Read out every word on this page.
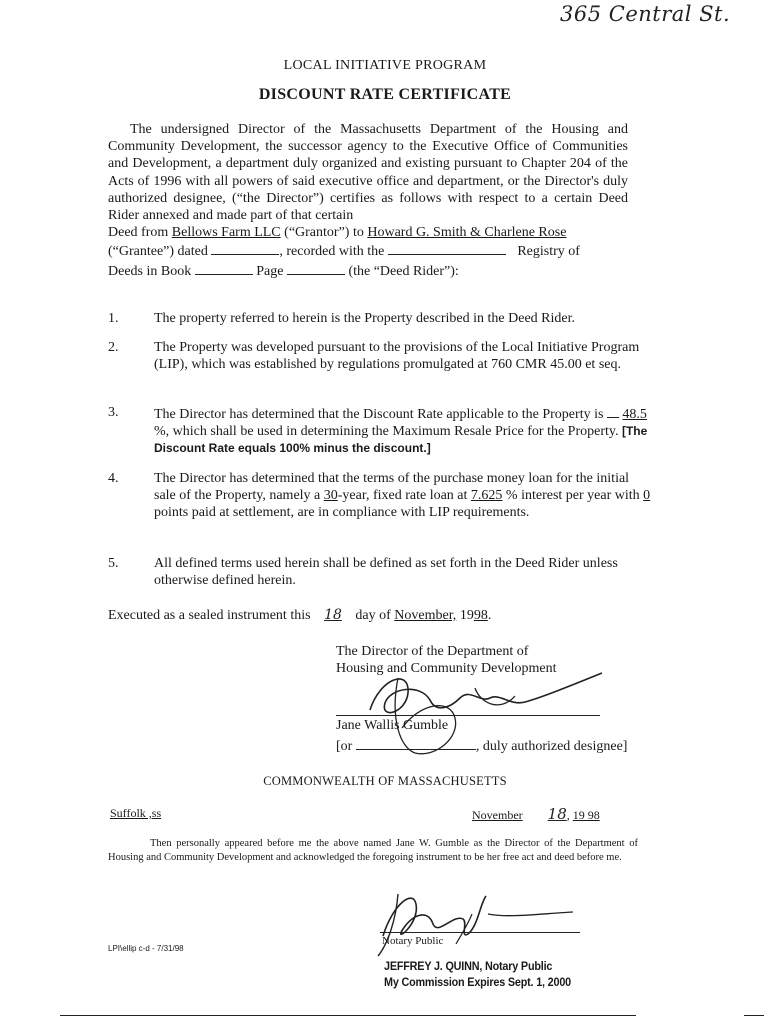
365 Central St.
LOCAL INITIATIVE PROGRAM
DISCOUNT RATE CERTIFICATE

The undersigned Director of the Massachusetts Department of the Housing and Community Development, the successor agency to the Executive Office of Communities and Development, a department duly organized and existing pursuant to Chapter 204 of the Acts of 1996 with all powers of said executive office and department, or the Director's duly authorized designee, (“the Director”) certifies as follows with respect to a certain Deed Rider annexed and made part of that certain

Deed from Bellows Farm LLC (“Grantor”) to Howard G. Smith & Charlene Rose
(“Grantee”) dated	, recorded with the	Registry of
Deeds in Book	Page	(the “Deed Rider”):
1.	The property referred to herein is the Property described in the Deed Rider.
2.	The Property was developed pursuant to the provisions of the Local Initiative Program (LIP), which was established by regulations promulgated at 760 CMR 45.00 et seq.
3.	The Director has determined that the Discount Rate applicable to the Property is 48.5 %, which shall be used in determining the Maximum Resale Price for the Property. [The Discount Rate equals 100% minus the discount.]
4.	The Director has determined that the terms of the purchase money loan for the initial sale of the Property, namely a 30-year, fixed rate loan at 7.625 % interest per year with 0 points paid at settlement, are in compliance with LIP requirements.
5.	All defined terms used herein shall be defined as set forth in the Deed Rider unless otherwise defined herein.
Executed as a sealed instrument this 18 day of November, 1998.
The Director of the Department of
Housing and Community Development
Jane Wallis Gumble
[or	, duly authorized designee]
COMMONWEALTH OF MASSACHUSETTS
Suffolk ,ss	November 18, 19 98
Then personally appeared before me the above named Jane W. Gumble as the Director of the Department of Housing and Community Development and acknowledged the foregoing instrument to be her free act and deed before me.
Notary Public
JEFFREY J. QUINN, Notary Public
My Commission Expires Sept. 1, 2000
LPI\ellip c-d - 7/31/98
